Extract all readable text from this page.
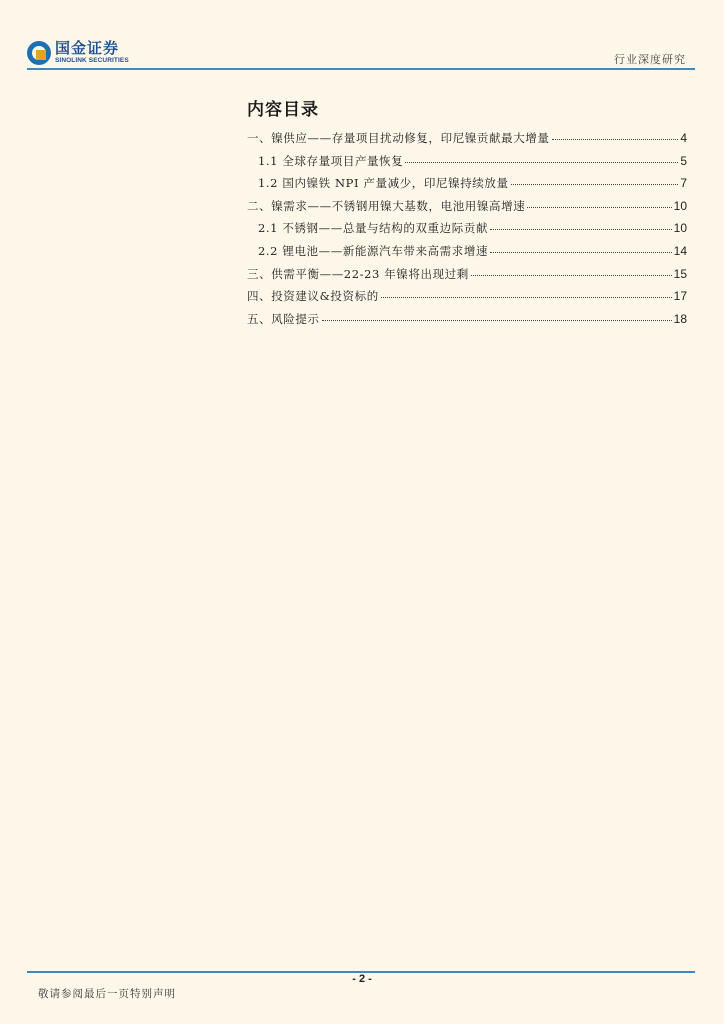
国金证券
SINOLINK SECURITIES	行业深度研究
内容目录
一、镍供应——存量项目扰动修复，印尼镍贡献最大增量	4
1.1 全球存量项目产量恢复	5
1.2 国内镍铁 NPI 产量减少，印尼镍持续放量	7
二、镍需求——不锈钢用镍大基数，电池用镍高增速	10
2.1 不锈钢——总量与结构的双重边际贡献	10
2.2 锂电池——新能源汽车带来高需求增速	14
三、供需平衡——22-23 年镍将出现过剩	15
四、投资建议&投资标的	17
五、风险提示	18
- 2 -
敬请参阅最后一页特别声明
